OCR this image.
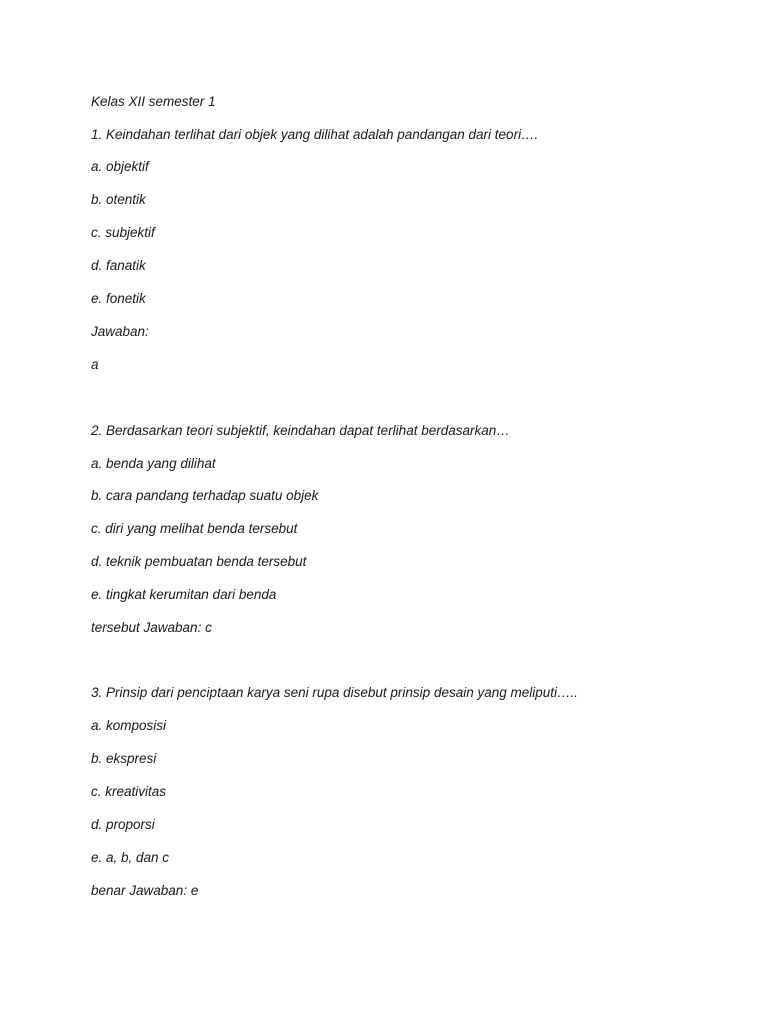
Kelas XII semester 1
1. Keindahan terlihat dari objek yang dilihat adalah pandangan dari teori….
a. objektif
b. otentik
c. subjektif
d. fanatik
e. fonetik
Jawaban:
a
2. Berdasarkan teori subjektif, keindahan dapat terlihat berdasarkan…
a. benda yang dilihat
b. cara pandang terhadap suatu objek
c. diri yang melihat benda tersebut
d. teknik pembuatan benda tersebut
e. tingkat kerumitan dari benda
tersebut Jawaban: c
3. Prinsip dari penciptaan karya seni rupa disebut prinsip desain yang meliputi…..
a. komposisi
b. ekspresi
c. kreativitas
d. proporsi
e. a, b, dan c
benar Jawaban: e
